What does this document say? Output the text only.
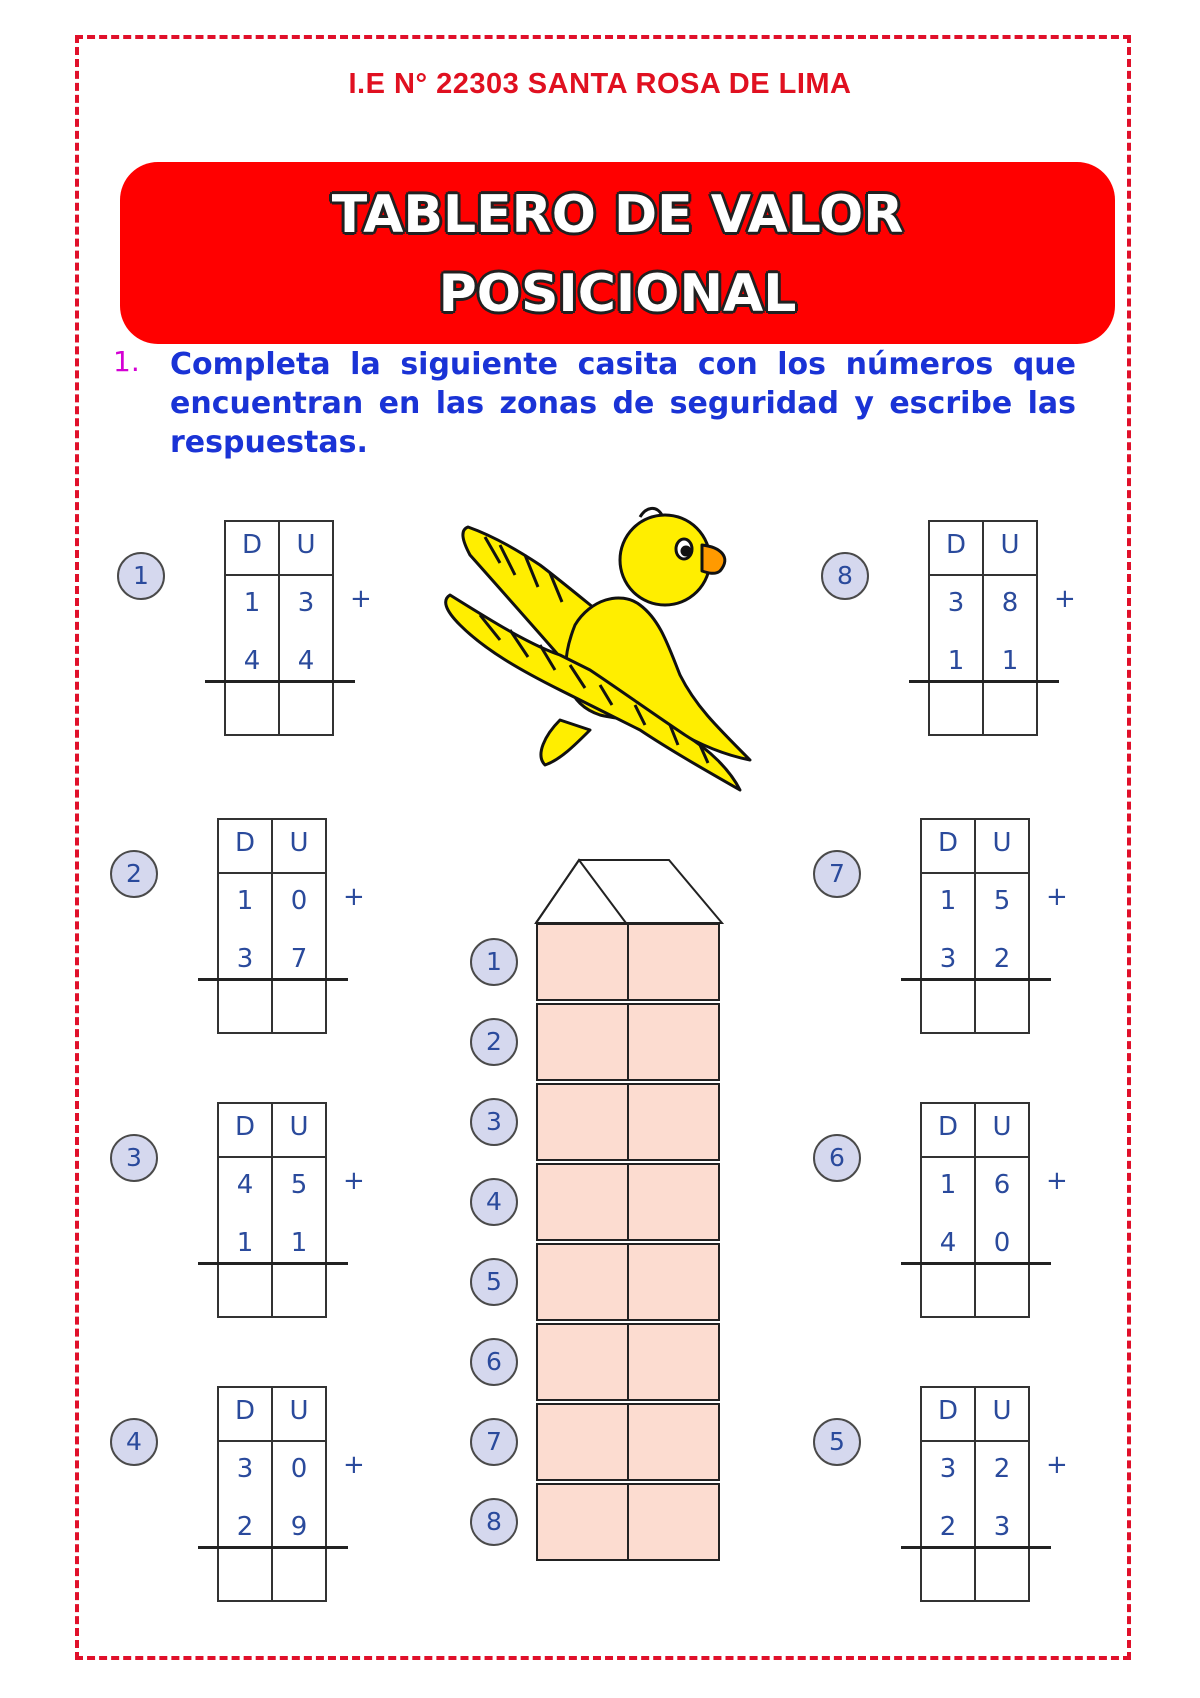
I.E N° 22303 SANTA ROSA DE LIMA
TABLERO DE VALOR
POSICIONAL
1. Completa la siguiente casita con los números que encuentran en las zonas de seguridad y escribe las respuestas.
1
D	U
1	3
4	4
+
2
D	U
1	0
3	7
+
3
D	U
4	5
1	1
+
4
D	U
3	0
2	9
+
8
D	U
3	8
1	1
+
7
D	U
1	5
3	2
+
6
D	U
1	6
4	0
+
5
D	U
3	2
2	3
+
1
2
3
4
5
6
7
8
